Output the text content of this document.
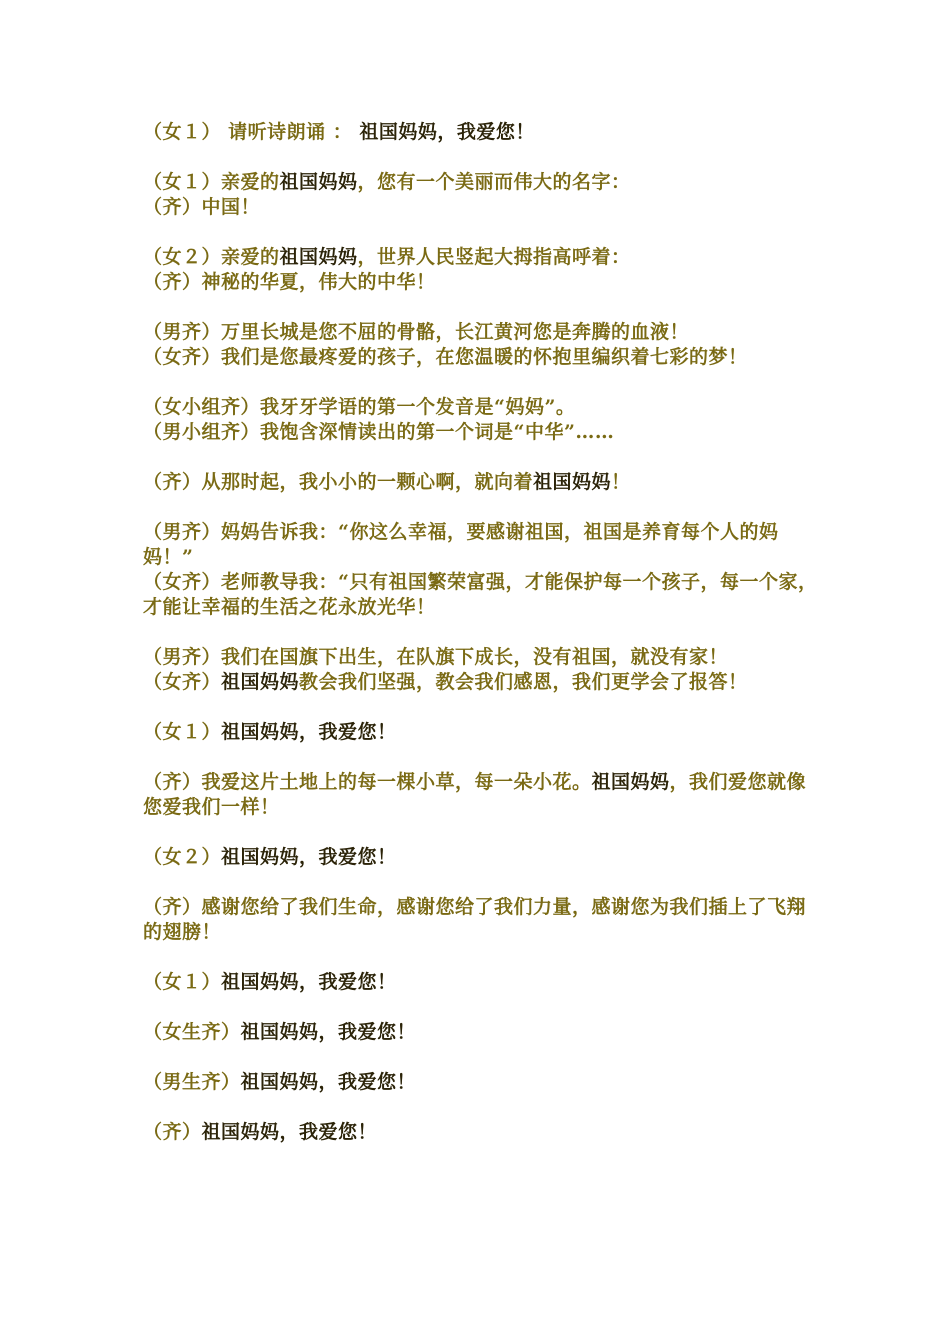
（女１） 请听诗朗诵 ： 祖国妈妈，我爱您！
（女１）亲爱的祖国妈妈，您有一个美丽而伟大的名字：
（齐）中国！
（女２）亲爱的祖国妈妈，世界人民竖起大拇指高呼着：
（齐）神秘的华夏，伟大的中华！
（男齐）万里长城是您不屈的骨骼，长江黄河您是奔腾的血液！
（女齐）我们是您最疼爱的孩子，在您温暖的怀抱里编织着七彩的梦！
（女小组齐）我牙牙学语的第一个发音是“妈妈”。
（男小组齐）我饱含深情读出的第一个词是“中华”……
（齐）从那时起，我小小的一颗心啊，就向着祖国妈妈！
（男齐）妈妈告诉我：“你这么幸福，要感谢祖国，祖国是养育每个人的妈妈！”
（女齐）老师教导我：“只有祖国繁荣富强，才能保护每一个孩子，每一个家，才能让幸福的生活之花永放光华！
（男齐）我们在国旗下出生，在队旗下成长，没有祖国，就没有家！
（女齐）祖国妈妈教会我们坚强，教会我们感恩，我们更学会了报答！
（女１）祖国妈妈，我爱您！
（齐）我爱这片土地上的每一棵小草，每一朵小花。祖国妈妈，我们爱您就像您爱我们一样！
（女２）祖国妈妈，我爱您！
（齐）感谢您给了我们生命，感谢您给了我们力量，感谢您为我们插上了飞翔的翅膀！
（女１）祖国妈妈，我爱您！
（女生齐）祖国妈妈，我爱您！
（男生齐）祖国妈妈，我爱您！
（齐）祖国妈妈，我爱您！
